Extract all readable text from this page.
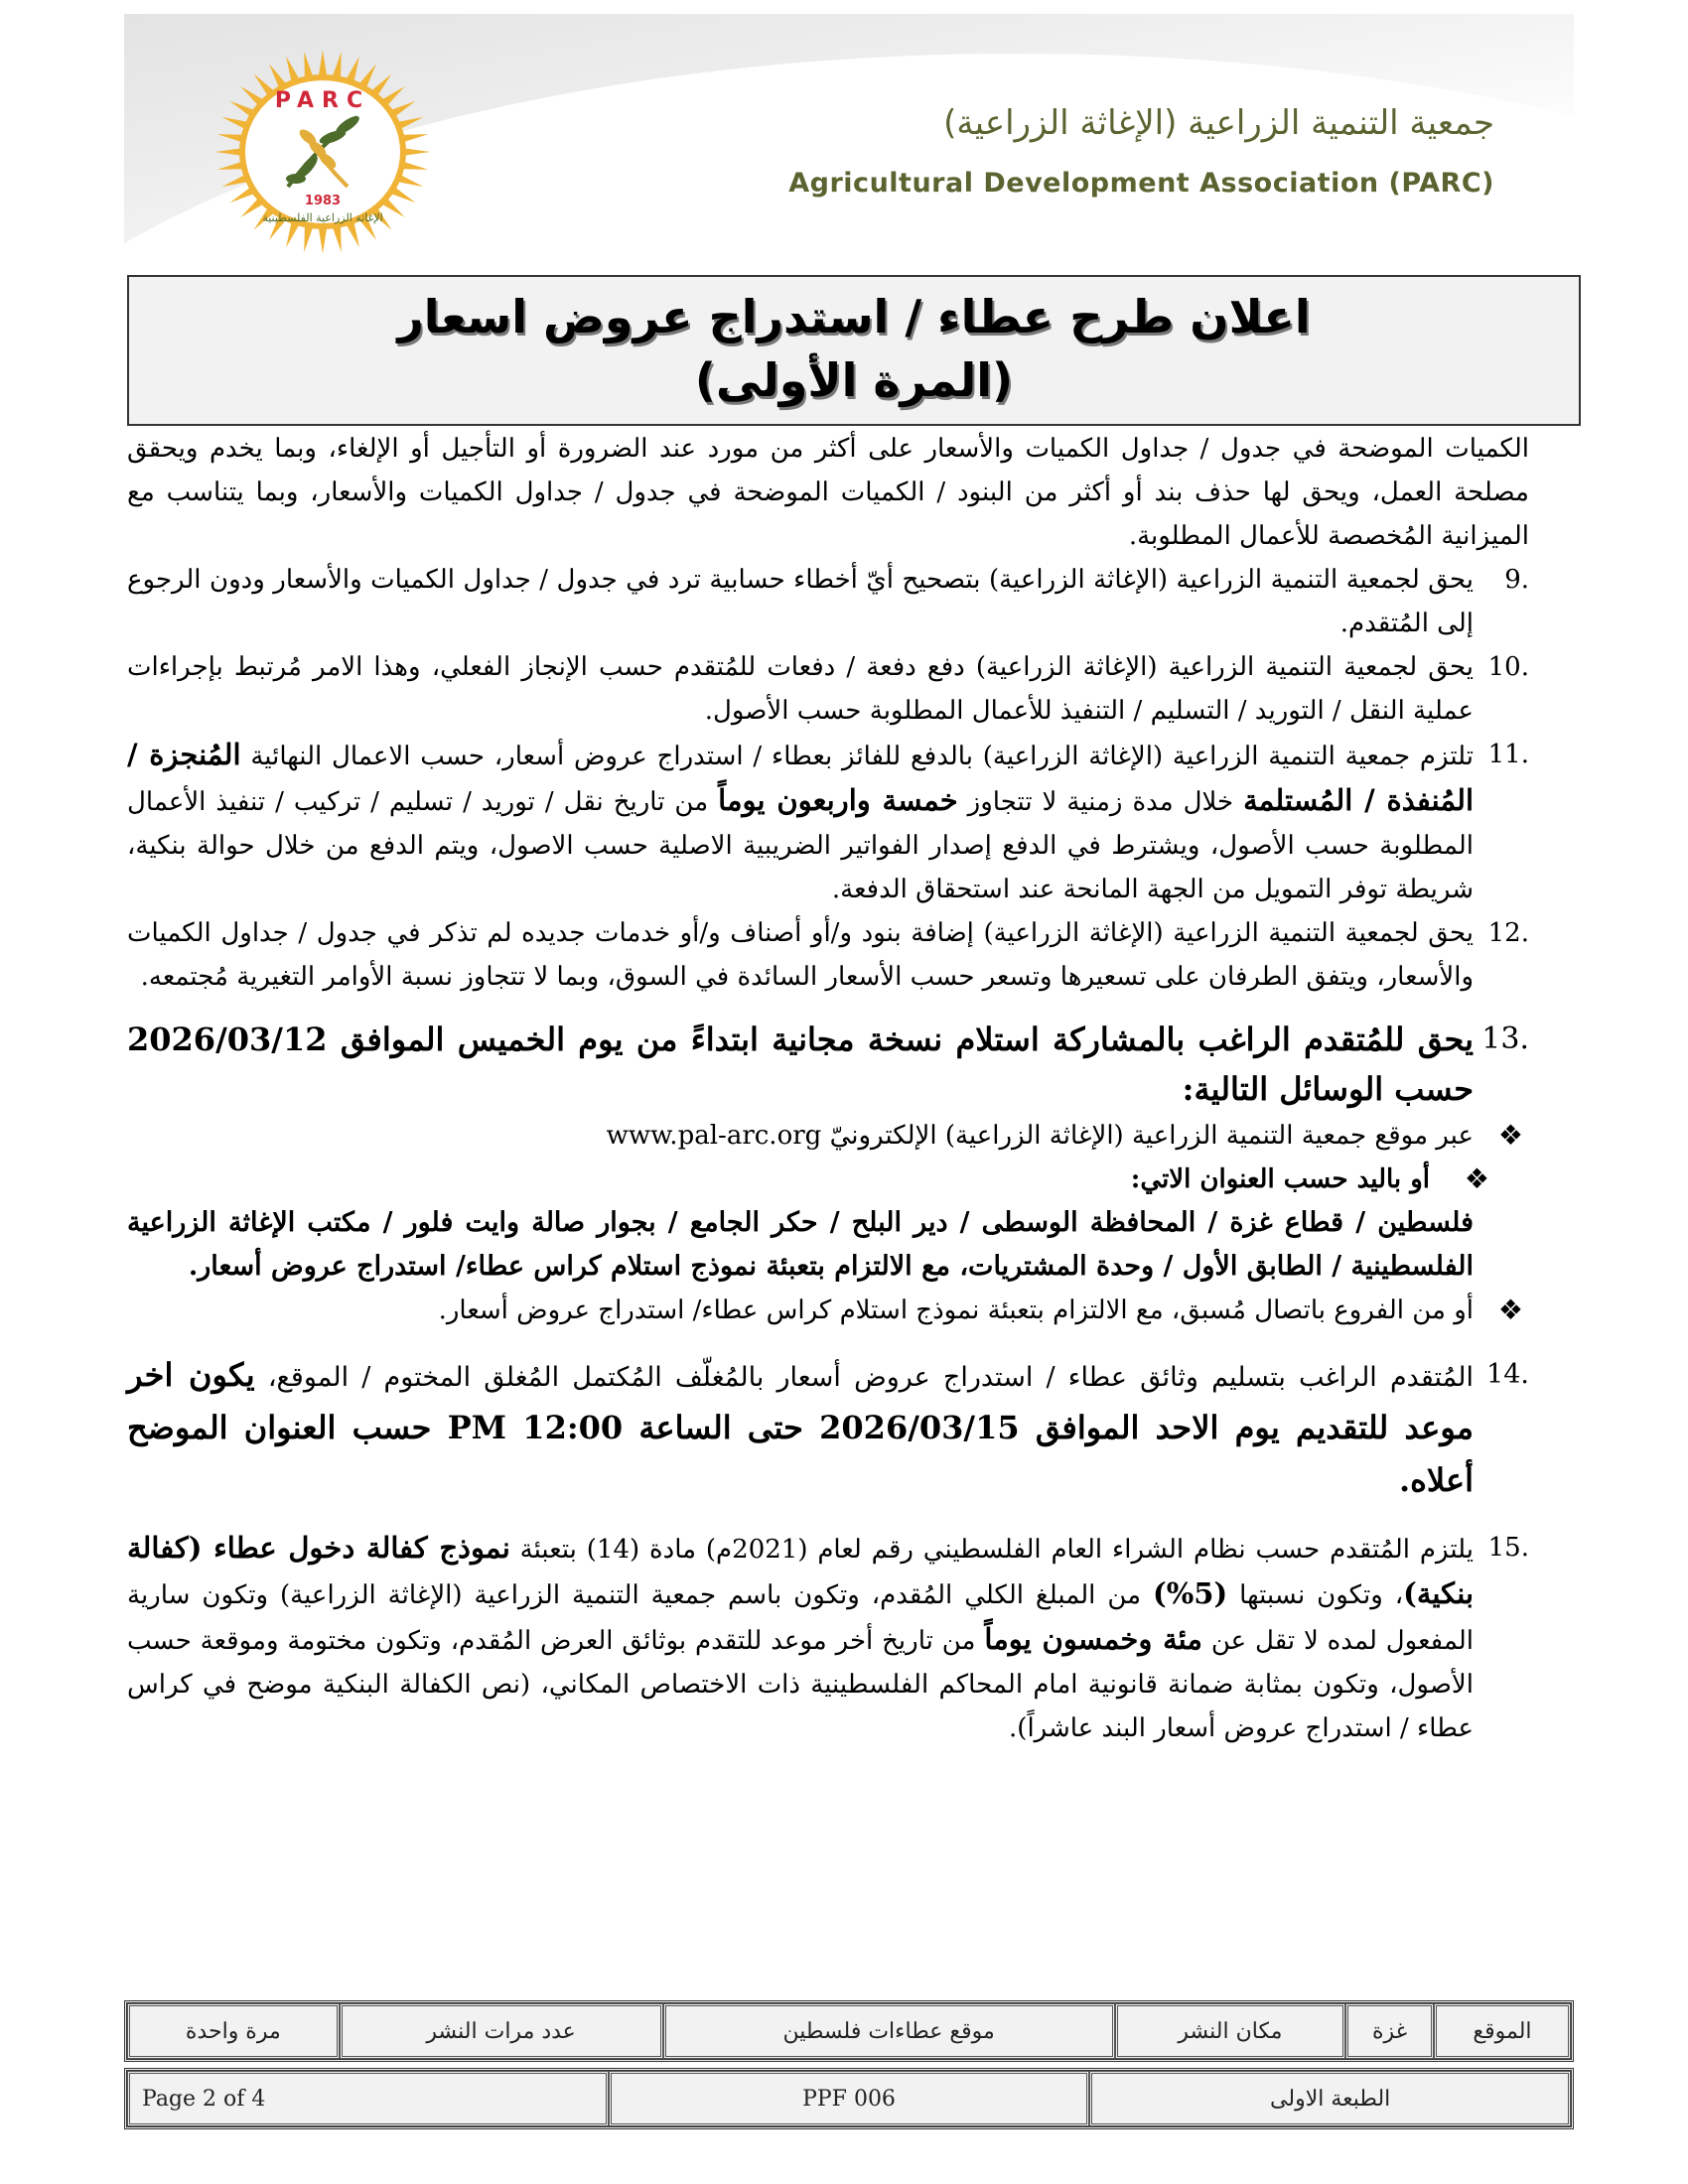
PARC
1983
الإغاثة الزراعية الفلسطينية
جمعية التنمية الزراعية (الإغاثة الزراعية)
Agricultural Development Association (PARC)
اعلان طرح عطاء / استدراج عروض اسعار
(المرة الأولى)
الكميات الموضحة في جدول / جداول الكميات والأسعار على أكثر من مورد عند الضرورة أو التأجيل أو الإلغاء، وبما يخدم ويحقق مصلحة العمل، ويحق لها حذف بند أو أكثر من البنود / الكميات الموضحة في جدول / جداول الكميات والأسعار، وبما يتناسب مع الميزانية المُخصصة للأعمال المطلوبة.
9.
يحق لجمعية التنمية الزراعية (الإغاثة الزراعية) بتصحيح أيّ أخطاء حسابية ترد في جدول / جداول الكميات والأسعار ودون الرجوع إلى المُتقدم.
10.
يحق لجمعية التنمية الزراعية (الإغاثة الزراعية) دفع دفعة / دفعات للمُتقدم حسب الإنجاز الفعلي، وهذا الامر مُرتبط بإجراءات عملية النقل / التوريد / التسليم / التنفيذ للأعمال المطلوبة حسب الأصول.
11.
تلتزم جمعية التنمية الزراعية (الإغاثة الزراعية) بالدفع للفائز بعطاء / استدراج عروض أسعار، حسب الاعمال النهائية المُنجزة / المُنفذة / المُستلمة خلال مدة زمنية لا تتجاوز خمسة واربعون يوماً من تاريخ نقل / توريد / تسليم / تركيب / تنفيذ الأعمال المطلوبة حسب الأصول، ويشترط في الدفع إصدار الفواتير الضريبية الاصلية حسب الاصول، ويتم الدفع من خلال حوالة بنكية، شريطة توفر التمويل من الجهة المانحة عند استحقاق الدفعة.
12.
يحق لجمعية التنمية الزراعية (الإغاثة الزراعية) إضافة بنود و/أو أصناف و/أو خدمات جديده لم تذكر في جدول / جداول الكميات والأسعار، ويتفق الطرفان على تسعيرها وتسعر حسب الأسعار السائدة في السوق، وبما لا تتجاوز نسبة الأوامر التغيرية مُجتمعه.
13.
يحق للمُتقدم الراغب بالمشاركة استلام نسخة مجانية ابتداءً من يوم الخميس الموافق 2026/03/12 حسب الوسائل التالية:
❖
عبر موقع جمعية التنمية الزراعية (الإغاثة الزراعية) الإلكترونيّ www.pal-arc.org
❖
أو باليد حسب العنوان الاتي:
فلسطين / قطاع غزة / المحافظة الوسطى / دير البلح / حكر الجامع / بجوار صالة وايت فلور / مكتب الإغاثة الزراعية الفلسطينية / الطابق الأول / وحدة المشتريات، مع الالتزام بتعبئة نموذج استلام كراس عطاء/ استدراج عروض أسعار.
❖
أو من الفروع باتصال مُسبق، مع الالتزام بتعبئة نموذج استلام كراس عطاء/ استدراج عروض أسعار.
14.
المُتقدم الراغب بتسليم وثائق عطاء / استدراج عروض أسعار بالمُغلّف المُكتمل المُغلق المختوم / الموقع، يكون اخر موعد للتقديم يوم الاحد الموافق 2026/03/15 حتى الساعة 12:00 PM حسب العنوان الموضح أعلاه.
15.
يلتزم المُتقدم حسب نظام الشراء العام الفلسطيني رقم لعام (2021م) مادة (14) بتعبئة نموذج كفالة دخول عطاء (كفالة بنكية)، وتكون نسبتها (5%) من المبلغ الكلي المُقدم، وتكون باسم جمعية التنمية الزراعية (الإغاثة الزراعية) وتكون سارية المفعول لمده لا تقل عن مئة وخمسون يوماً من تاريخ أخر موعد للتقدم بوثائق العرض المُقدم، وتكون مختومة وموقعة حسب الأصول، وتكون بمثابة ضمانة قانونية امام المحاكم الفلسطينية ذات الاختصاص المكاني، (نص الكفالة البنكية موضح في كراس عطاء / استدراج عروض أسعار البند عاشراً).
الموقع	غزة	مكان النشر	موقع عطاءات فلسطين	عدد مرات النشر	مرة واحدة
الطبعة الاولى	PPF 006	Page 2 of 4
